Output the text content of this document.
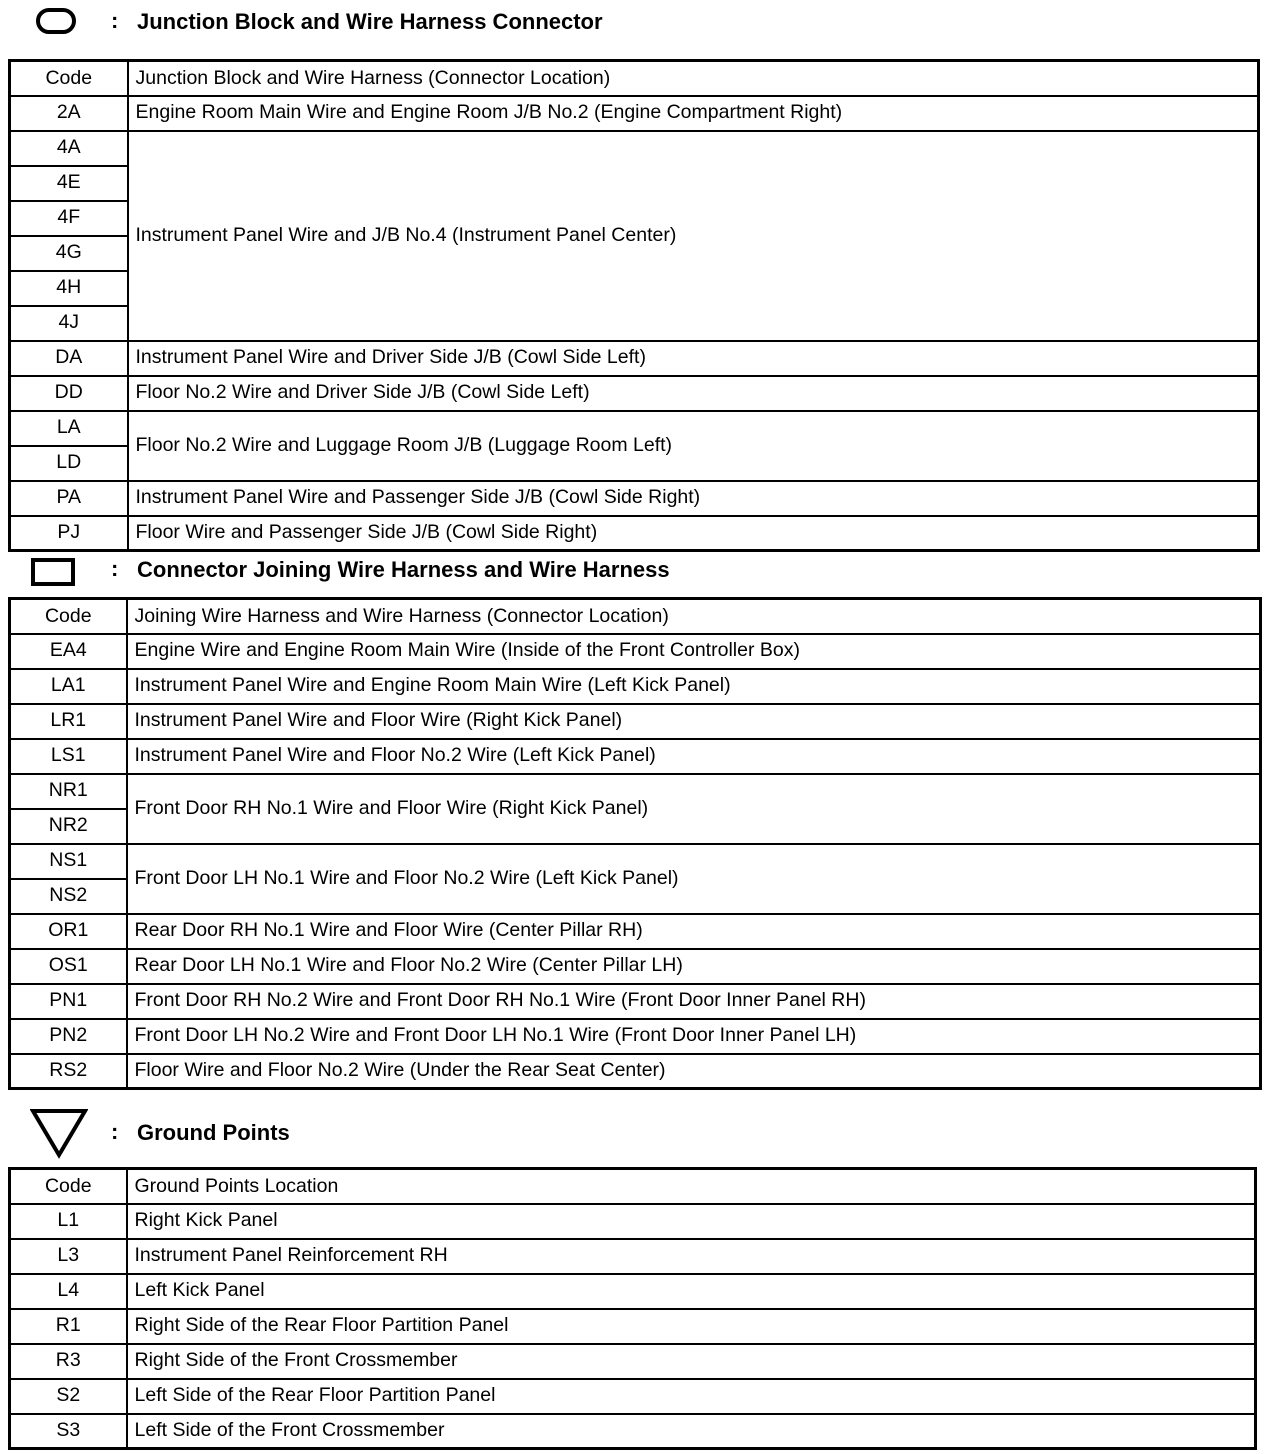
: Junction Block and Wire Harness Connector
Code	Junction Block and Wire Harness (Connector Location)
2A	Engine Room Main Wire and Engine Room J/B No.2 (Engine Compartment Right)
4A	Instrument Panel Wire and J/B No.4 (Instrument Panel Center)
4E	
4F	
4G	
4H	
4J	
DA	Instrument Panel Wire and Driver Side J/B (Cowl Side Left)
DD	Floor No.2 Wire and Driver Side J/B (Cowl Side Left)
LA	Floor No.2 Wire and Luggage Room J/B (Luggage Room Left)
LD	
PA	Instrument Panel Wire and Passenger Side J/B (Cowl Side Right)
PJ	Floor Wire and Passenger Side J/B (Cowl Side Right)
: Connector Joining Wire Harness and Wire Harness
Code	Joining Wire Harness and Wire Harness (Connector Location)
EA4	Engine Wire and Engine Room Main Wire (Inside of the Front Controller Box)
LA1	Instrument Panel Wire and Engine Room Main Wire (Left Kick Panel)
LR1	Instrument Panel Wire and Floor Wire (Right Kick Panel)
LS1	Instrument Panel Wire and Floor No.2 Wire (Left Kick Panel)
NR1	Front Door RH No.1 Wire and Floor Wire (Right Kick Panel)
NR2	
NS1	Front Door LH No.1 Wire and Floor No.2 Wire (Left Kick Panel)
NS2	
OR1	Rear Door RH No.1 Wire and Floor Wire (Center Pillar RH)
OS1	Rear Door LH No.1 Wire and Floor No.2 Wire (Center Pillar LH)
PN1	Front Door RH No.2 Wire and Front Door RH No.1 Wire (Front Door Inner Panel RH)
PN2	Front Door LH No.2 Wire and Front Door LH No.1 Wire (Front Door Inner Panel LH)
RS2	Floor Wire and Floor No.2 Wire (Under the Rear Seat Center)
: Ground Points
Code	Ground Points Location
L1	Right Kick Panel
L3	Instrument Panel Reinforcement RH
L4	Left Kick Panel
R1	Right Side of the Rear Floor Partition Panel
R3	Right Side of the Front Crossmember
S2	Left Side of the Rear Floor Partition Panel
S3	Left Side of the Front Crossmember
